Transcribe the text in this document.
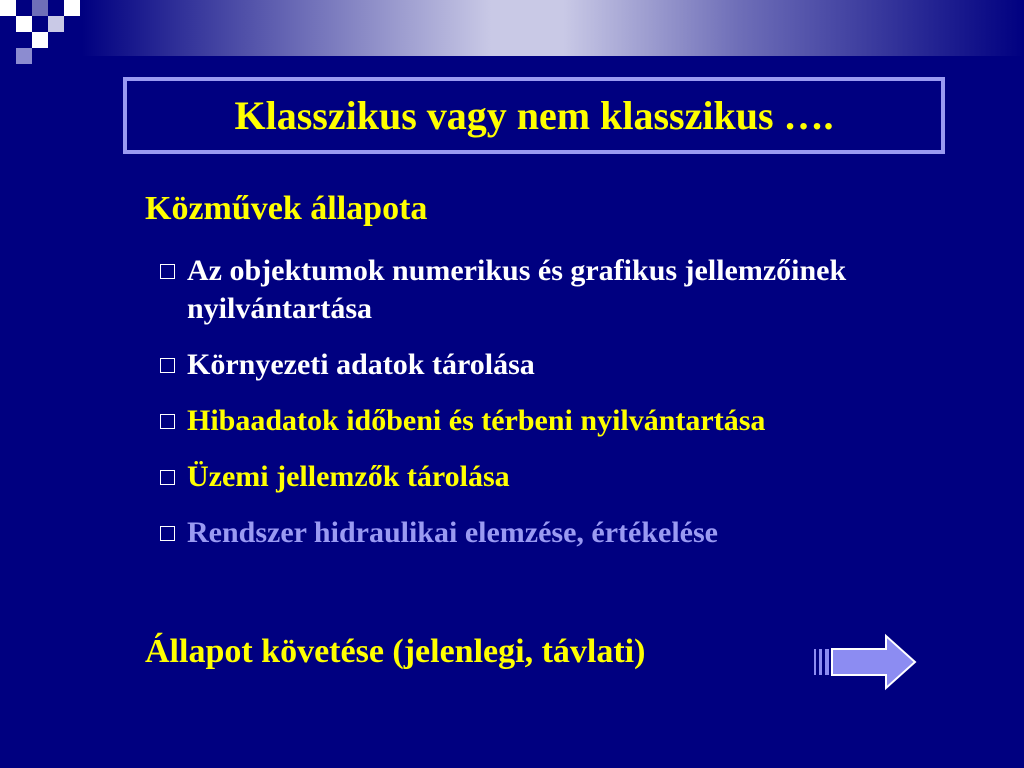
Klasszikus vagy nem klasszikus ….
Közművek állapota
Az objektumok numerikus és grafikus jellemzőinek nyilvántartása
Környezeti adatok tárolása
Hibaadatok időbeni és térbeni nyilvántartása
Üzemi jellemzők tárolása
Rendszer hidraulikai elemzése, értékelése
Állapot követése (jelenlegi, távlati)
